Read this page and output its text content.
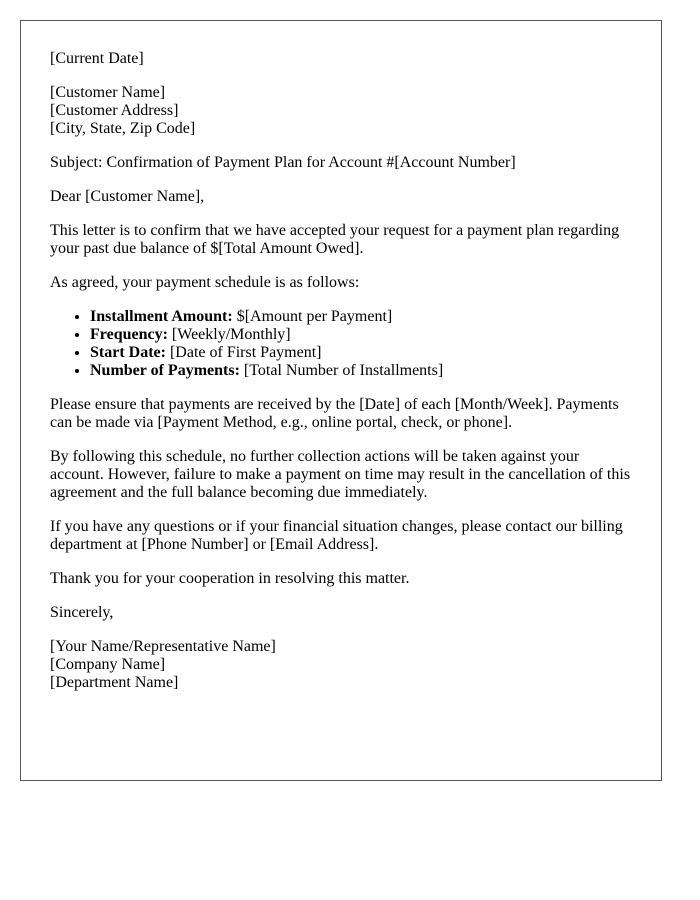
[Current Date]

[Customer Name]
[Customer Address]
[City, State, Zip Code]

Subject: Confirmation of Payment Plan for Account #[Account Number]

Dear [Customer Name],

This letter is to confirm that we have accepted your request for a payment plan regarding your past due balance of $[Total Amount Owed].

As agreed, your payment schedule is as follows:

• Installment Amount: $[Amount per Payment]
• Frequency: [Weekly/Monthly]
• Start Date: [Date of First Payment]
• Number of Payments: [Total Number of Installments]

Please ensure that payments are received by the [Date] of each [Month/Week]. Payments can be made via [Payment Method, e.g., online portal, check, or phone].

By following this schedule, no further collection actions will be taken against your account. However, failure to make a payment on time may result in the cancellation of this agreement and the full balance becoming due immediately.

If you have any questions or if your financial situation changes, please contact our billing department at [Phone Number] or [Email Address].

Thank you for your cooperation in resolving this matter.

Sincerely,

[Your Name/Representative Name]
[Company Name]
[Department Name]
